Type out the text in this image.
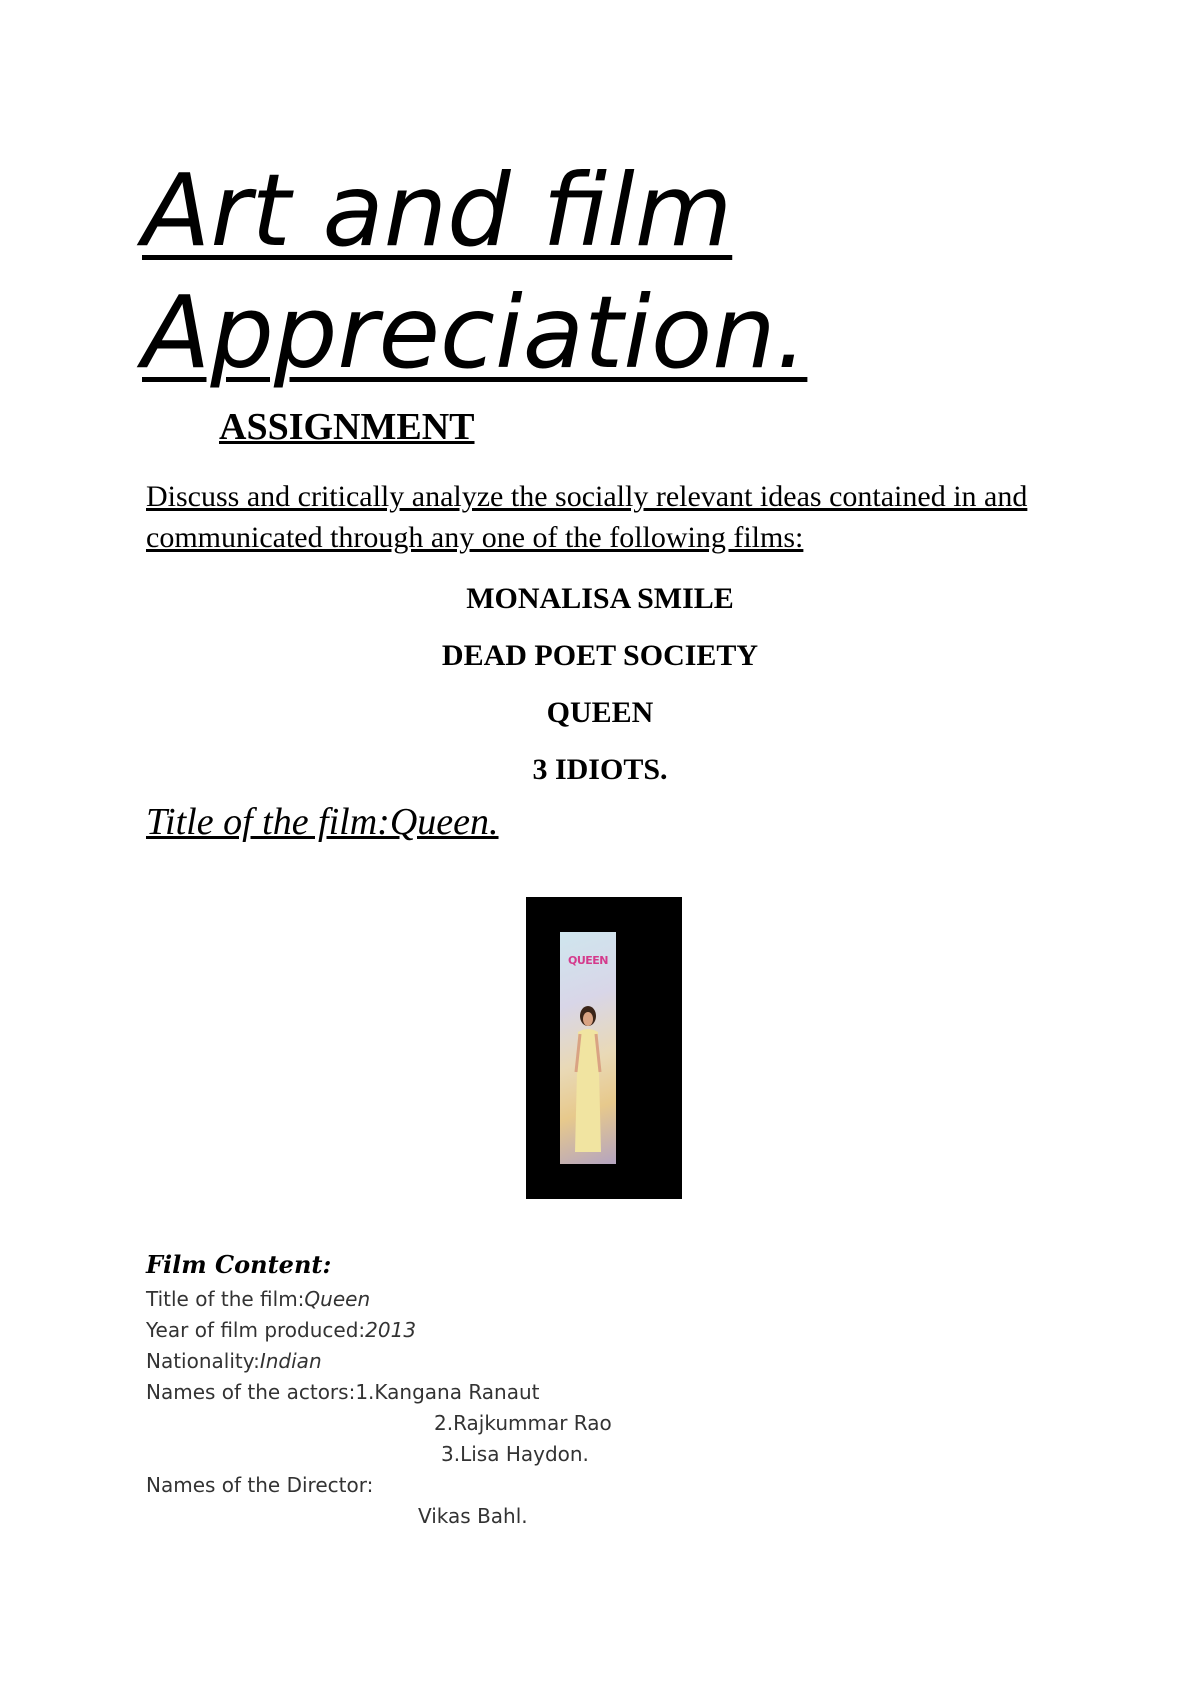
Art and film
Appreciation.
ASSIGNMENT

Discuss and critically analyze the socially relevant ideas contained in and communicated through any one of the following films:

MONALISA SMILE
DEAD POET SOCIETY
QUEEN
3 IDIOTS.
Title of the film:Queen.
QUEEN
Film Content:
Title of the film:Queen
Year of film produced:2013
Nationality:Indian
Names of the actors:1.Kangana Ranaut
2.Rajkummar Rao
3.Lisa Haydon.
Names of the Director:
Vikas Bahl.
